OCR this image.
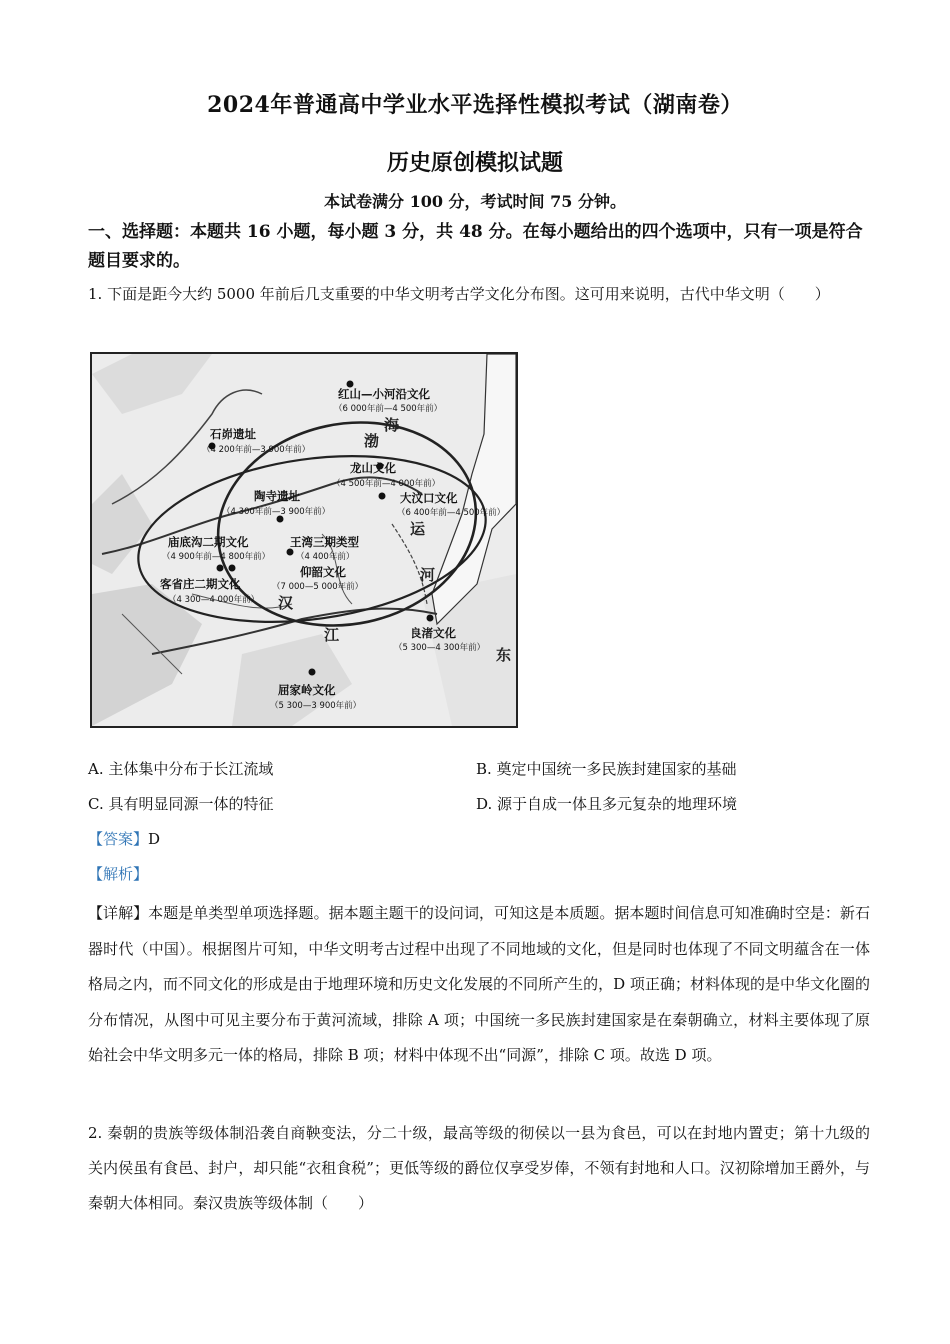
2024年普通高中学业水平选择性模拟考试（湖南卷）
历史原创模拟试题
本试卷满分 100 分，考试时间 75 分钟。
一、选择题：本题共 16 小题，每小题 3 分，共 48 分。在每小题给出的四个选项中，只有一项是符合题目要求的。
1. 下面是距今大约 5000 年前后几支重要的中华文明考古学文化分布图。这可用来说明，古代中华文明（　　）
红山—小河沿文化
（6 000年前—4 500年前）
石峁遗址
（4 200年前—3 900年前）
龙山文化
（4 500年前—4 000年前）
大汶口文化
（6 400年前—4 500年前）
陶寺遗址
（4 300年前—3 900年前）
庙底沟二期文化
（4 900年前—4 800年前）
王湾三期类型
（4 400年前）
仰韶文化
（7 000—5 000年前）
客省庄二期文化
（4 300—4 000年前）
良渚文化
（5 300—4 300年前）
屈家岭文化
（5 300—3 900年前）
运
河
汉
江
东
渤
海
A. 主体集中分布于长江流域	B. 奠定中国统一多民族封建国家的基础
C. 具有明显同源一体的特征	D. 源于自成一体且多元复杂的地理环境
【答案】D
【解析】
【详解】本题是单类型单项选择题。据本题主题干的设问词，可知这是本质题。据本题时间信息可知准确时空是：新石器时代（中国）。根据图片可知，中华文明考古过程中出现了不同地域的文化，但是同时也体现了不同文明蕴含在一体格局之内，而不同文化的形成是由于地理环境和历史文化发展的不同所产生的，D 项正确；材料体现的是中华文化圈的分布情况，从图中可见主要分布于黄河流域，排除 A 项；中国统一多民族封建国家是在秦朝确立，材料主要体现了原始社会中华文明多元一体的格局，排除 B 项；材料中体现不出“同源”，排除 C 项。故选 D 项。
2. 秦朝的贵族等级体制沿袭自商鞅变法，分二十级，最高等级的彻侯以一县为食邑，可以在封地内置吏；第十九级的关内侯虽有食邑、封户，却只能“衣租食税”；更低等级的爵位仅享受岁俸，不领有封地和人口。汉初除增加王爵外，与秦朝大体相同。秦汉贵族等级体制（　　）
